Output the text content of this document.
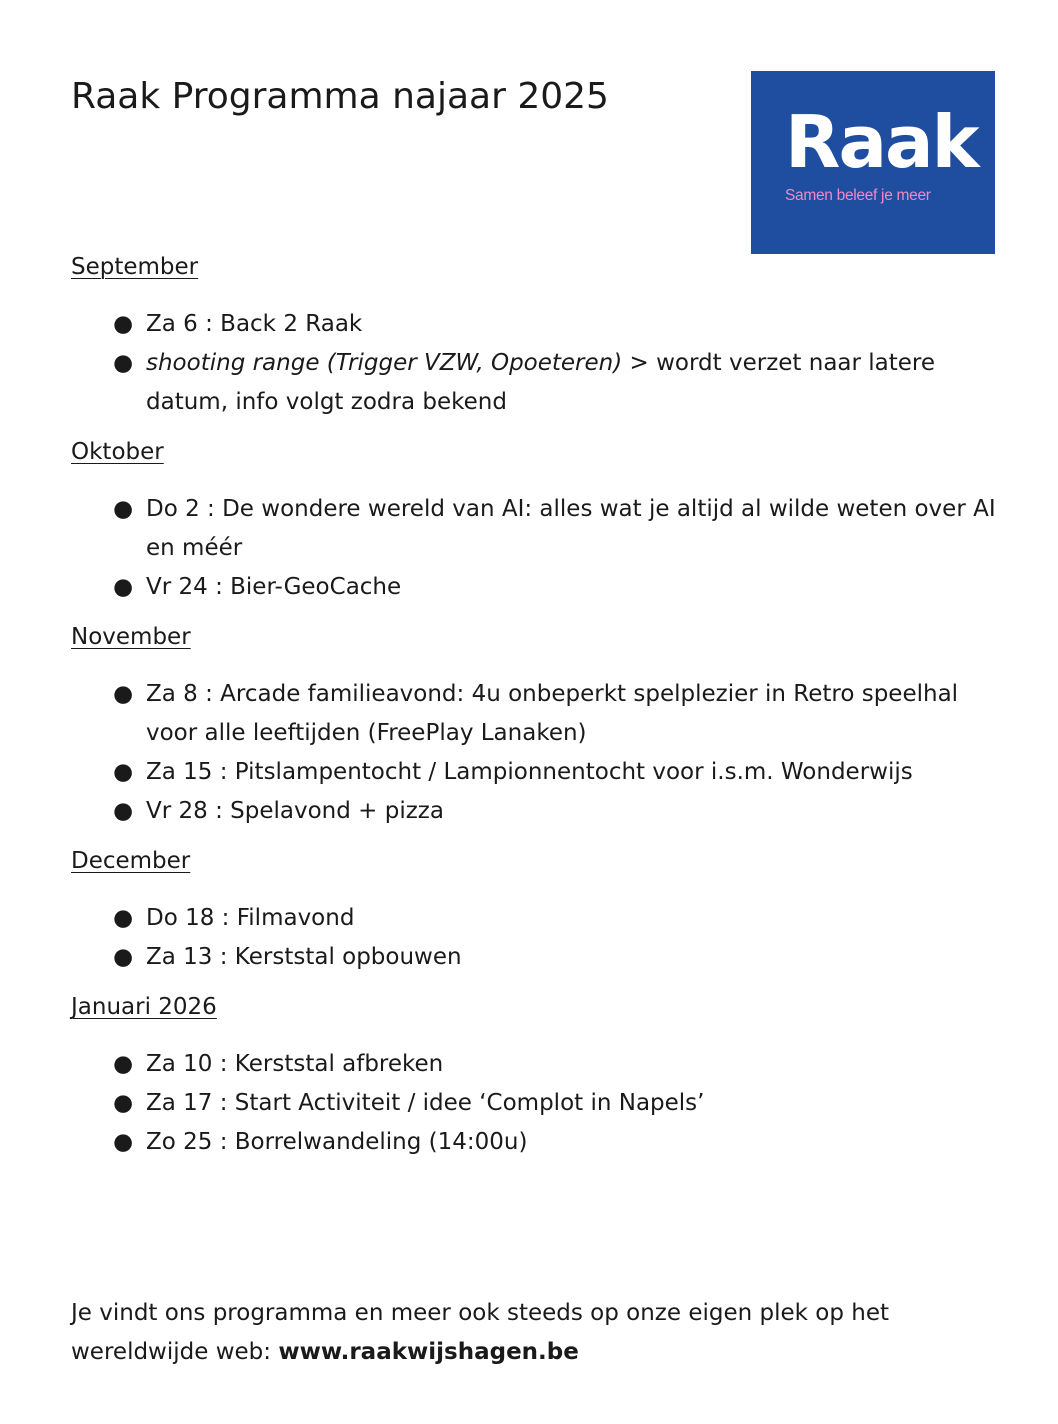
Raak Programma najaar 2025
Raak
Samen beleef je meer
September
● Za 6 : Back 2 Raak
● shooting range (Trigger VZW, Opoeteren) > wordt verzet naar latere datum, info volgt zodra bekend
Oktober
● Do 2 : De wondere wereld van AI: alles wat je altijd al wilde weten over AI en méér
● Vr 24 : Bier-GeoCache
November
● Za 8 : Arcade familieavond: 4u onbeperkt spelplezier in Retro speelhal voor alle leeftijden (FreePlay Lanaken)
● Za 15 : Pitslampentocht / Lampionnentocht voor i.s.m. Wonderwijs
● Vr 28 : Spelavond + pizza
December
● Do 18 : Filmavond
● Za 13 : Kerststal opbouwen
Januari 2026
● Za 10 : Kerststal afbreken
● Za 17 : Start Activiteit / idee ‘Complot in Napels’
● Zo 25 : Borrelwandeling (14:00u)
Je vindt ons programma en meer ook steeds op onze eigen plek op het wereldwijde web: www.raakwijshagen.be
